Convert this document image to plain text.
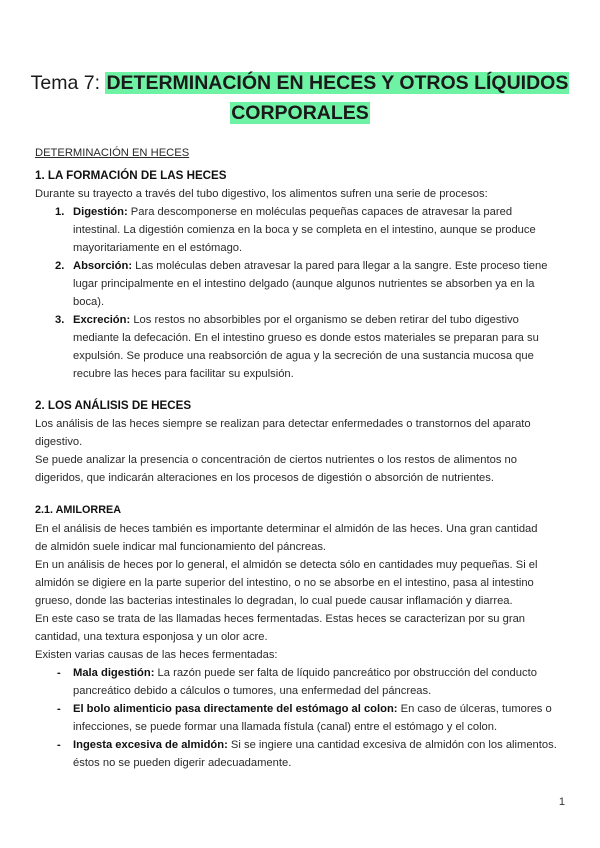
Tema 7: DETERMINACIÓN EN HECES Y OTROS LÍQUIDOS
CORPORALES
DETERMINACIÓN EN HECES
1. LA FORMACIÓN DE LAS HECES
Durante su trayecto a través del tubo digestivo, los alimentos sufren una serie de procesos:
1. Digestión: Para descomponerse en moléculas pequeñas capaces de atravesar la pared
intestinal. La digestión comienza en la boca y se completa en el intestino, aunque se produce
mayoritariamente en el estómago.
2. Absorción: Las moléculas deben atravesar la pared para llegar a la sangre. Este proceso tiene
lugar principalmente en el intestino delgado (aunque algunos nutrientes se absorben ya en la
boca).
3. Excreción: Los restos no absorbibles por el organismo se deben retirar del tubo digestivo
mediante la defecación. En el intestino grueso es donde estos materiales se preparan para su
expulsión. Se produce una reabsorción de agua y la secreción de una sustancia mucosa que
recubre las heces para facilitar su expulsión.
2. LOS ANÁLISIS DE HECES
Los análisis de las heces siempre se realizan para detectar enfermedades o transtornos del aparato
digestivo.
Se puede analizar la presencia o concentración de ciertos nutrientes o los restos de alimentos no
digeridos, que indicarán alteraciones en los procesos de digestión o absorción de nutrientes.
2.1. AMILORREA
En el análisis de heces también es importante determinar el almidón de las heces. Una gran cantidad
de almidón suele indicar mal funcionamiento del páncreas.
En un análisis de heces por lo general, el almidón se detecta sólo en cantidades muy pequeñas. Si el
almidón se digiere en la parte superior del intestino, o no se absorbe en el intestino, pasa al intestino
grueso, donde las bacterias intestinales lo degradan, lo cual puede causar inflamación y diarrea.
En este caso se trata de las llamadas heces fermentadas. Estas heces se caracterizan por su gran
cantidad, una textura esponjosa y un olor acre.
Existen varias causas de las heces fermentadas:
- Mala digestión: La razón puede ser falta de líquido pancreático por obstrucción del conducto
pancreático debido a cálculos o tumores, una enfermedad del páncreas.
- El bolo alimenticio pasa directamente del estómago al colon: En caso de úlceras, tumores o
infecciones, se puede formar una llamada fístula (canal) entre el estómago y el colon.
- Ingesta excesiva de almidón: Si se ingiere una cantidad excesiva de almidón con los alimentos.
éstos no se pueden digerir adecuadamente.
1
